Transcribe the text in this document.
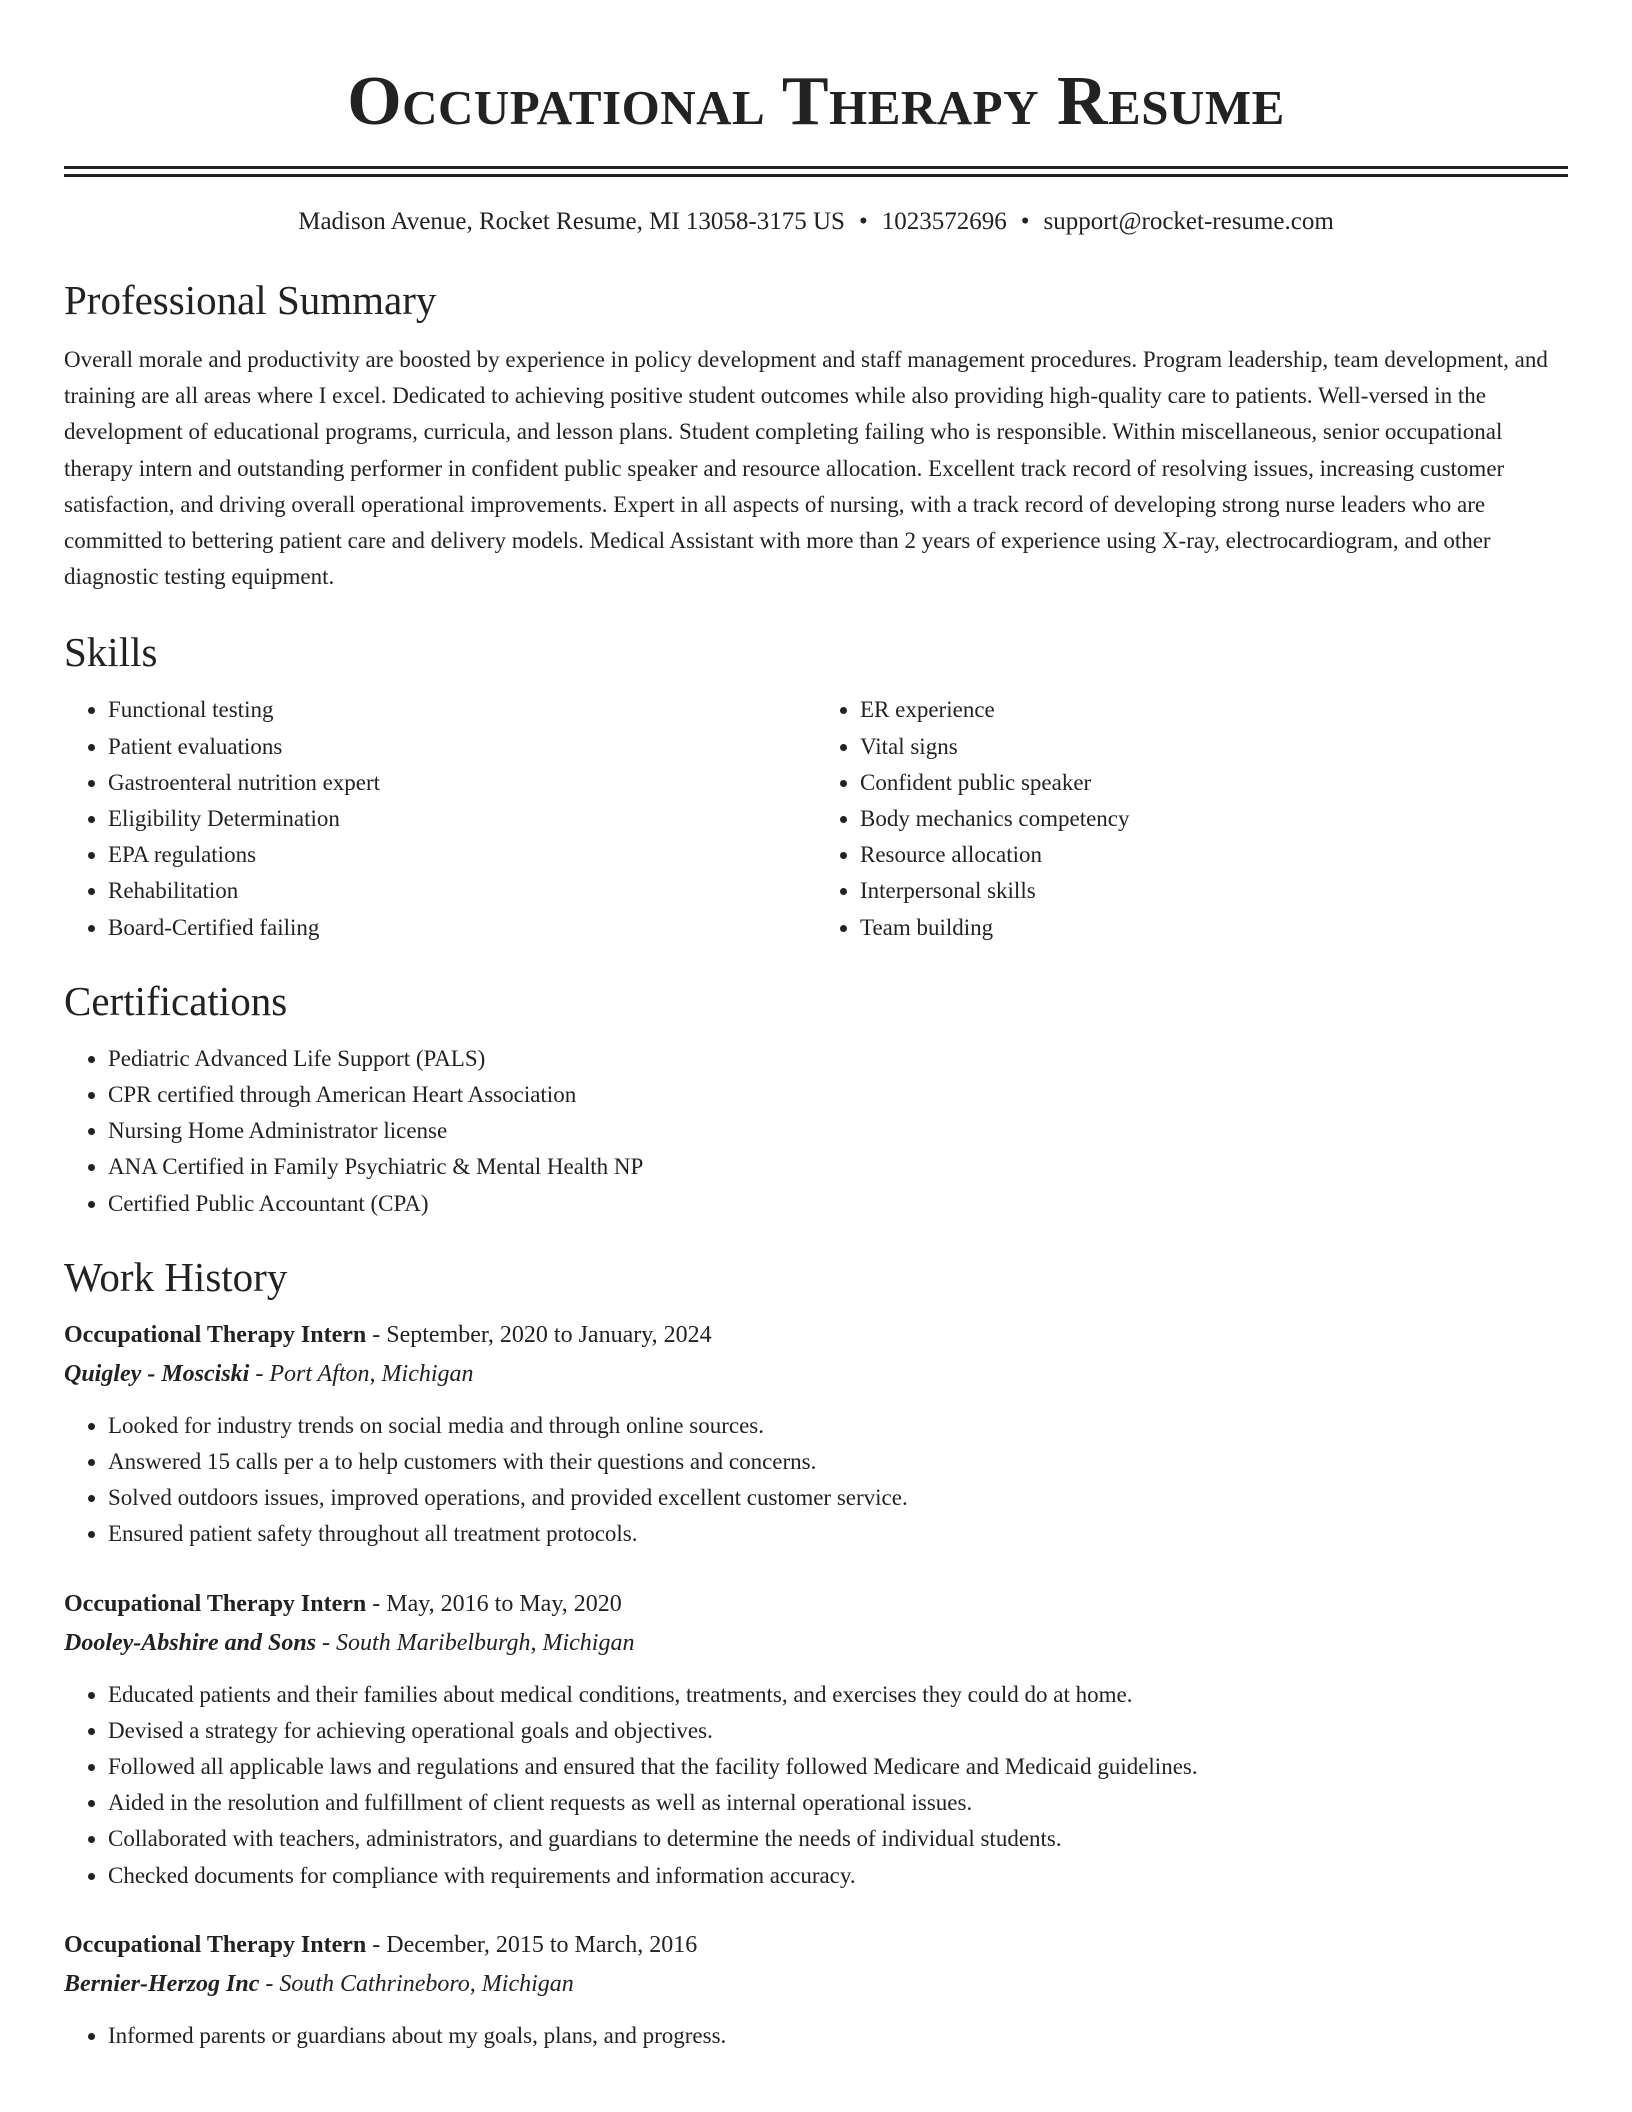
Occupational Therapy Resume
Madison Avenue, Rocket Resume, MI 13058-3175 US • 1023572696 • support@rocket-resume.com
Professional Summary

Overall morale and productivity are boosted by experience in policy development and staff management procedures. Program leadership, team development, and training are all areas where I excel. Dedicated to achieving positive student outcomes while also providing high-quality care to patients. Well-versed in the development of educational programs, curricula, and lesson plans. Student completing failing who is responsible. Within miscellaneous, senior occupational therapy intern and outstanding performer in confident public speaker and resource allocation. Excellent track record of resolving issues, increasing customer satisfaction, and driving overall operational improvements. Expert in all aspects of nursing, with a track record of developing strong nurse leaders who are committed to bettering patient care and delivery models. Medical Assistant with more than 2 years of experience using X-ray, electrocardiogram, and other diagnostic testing equipment.

Skills
• Functional testing
• Patient evaluations
• Gastroenteral nutrition expert
• Eligibility Determination
• EPA regulations
• Rehabilitation
• Board-Certified failing
• ER experience
• Vital signs
• Confident public speaker
• Body mechanics competency
• Resource allocation
• Interpersonal skills
• Team building
Certifications
• Pediatric Advanced Life Support (PALS)
• CPR certified through American Heart Association
• Nursing Home Administrator license
• ANA Certified in Family Psychiatric & Mental Health NP
• Certified Public Accountant (CPA)
Work History
Occupational Therapy Intern - September, 2020 to January, 2024
Quigley - Mosciski - Port Afton, Michigan
• Looked for industry trends on social media and through online sources.
• Answered 15 calls per a to help customers with their questions and concerns.
• Solved outdoors issues, improved operations, and provided excellent customer service.
• Ensured patient safety throughout all treatment protocols.
Occupational Therapy Intern - May, 2016 to May, 2020
Dooley-Abshire and Sons - South Maribelburgh, Michigan
• Educated patients and their families about medical conditions, treatments, and exercises they could do at home.
• Devised a strategy for achieving operational goals and objectives.
• Followed all applicable laws and regulations and ensured that the facility followed Medicare and Medicaid guidelines.
• Aided in the resolution and fulfillment of client requests as well as internal operational issues.
• Collaborated with teachers, administrators, and guardians to determine the needs of individual students.
• Checked documents for compliance with requirements and information accuracy.
Occupational Therapy Intern - December, 2015 to March, 2016
Bernier-Herzog Inc - South Cathrineboro, Michigan
• Informed parents or guardians about my goals, plans, and progress.
